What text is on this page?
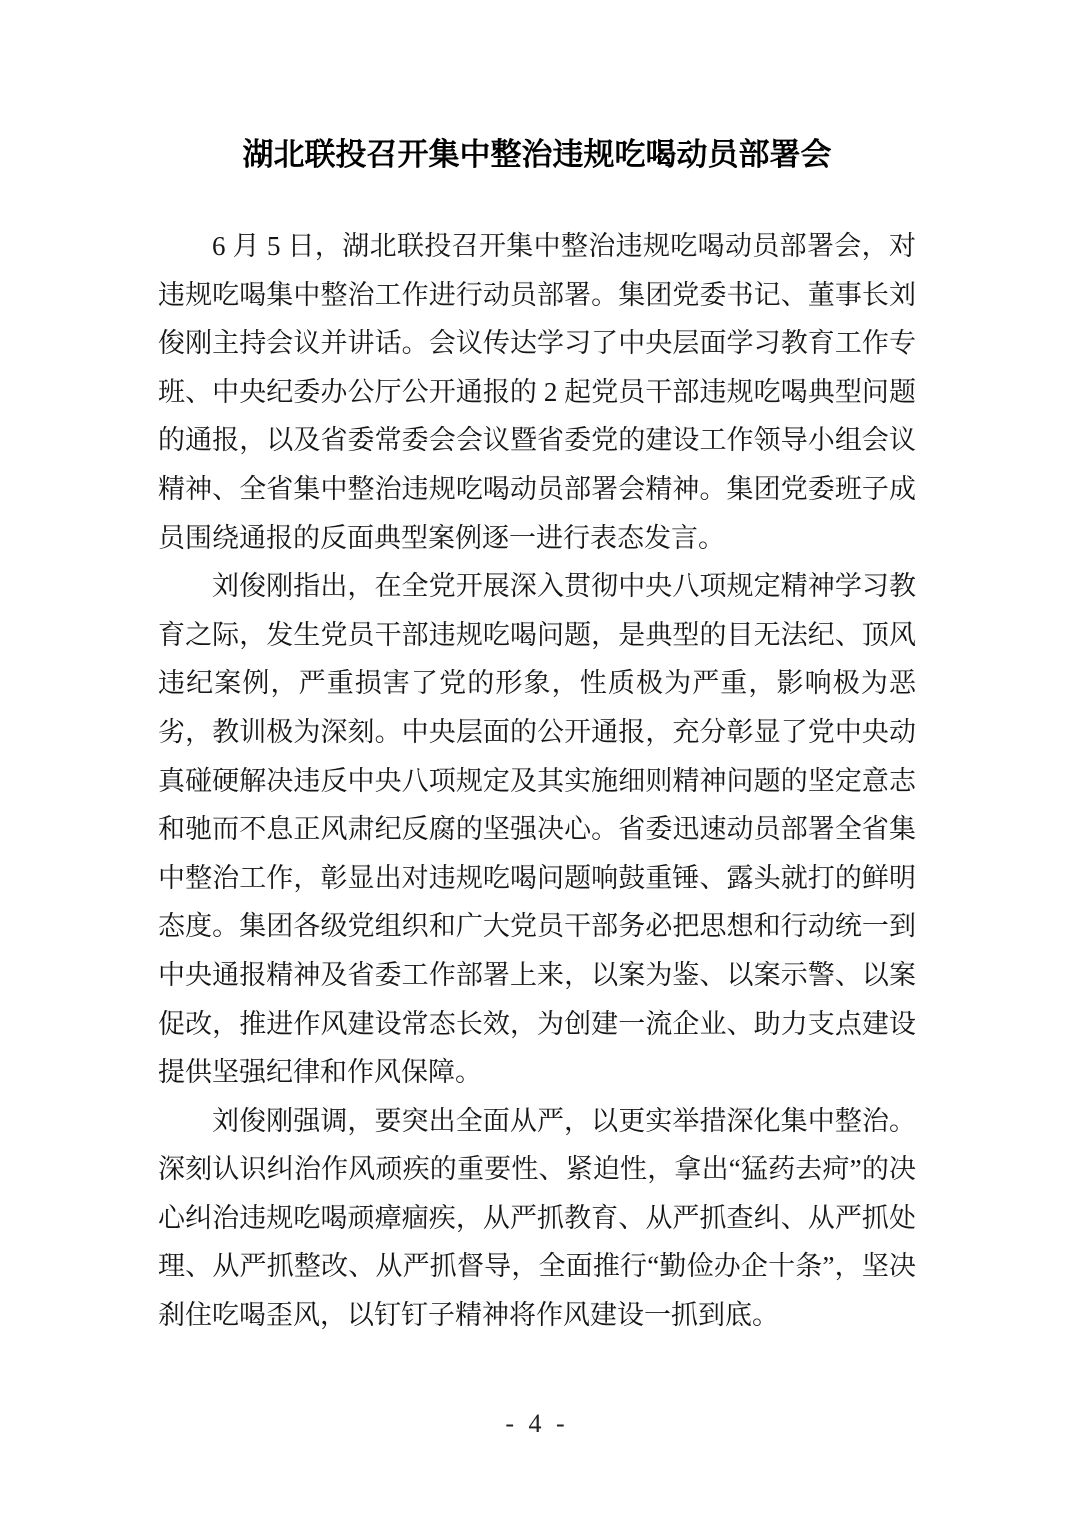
湖北联投召开集中整治违规吃喝动员部署会

6 月 5 日，湖北联投召开集中整治违规吃喝动员部署会，对违规吃喝集中整治工作进行动员部署。集团党委书记、董事长刘俊刚主持会议并讲话。会议传达学习了中央层面学习教育工作专班、中央纪委办公厅公开通报的 2 起党员干部违规吃喝典型问题的通报，以及省委常委会会议暨省委党的建设工作领导小组会议精神、全省集中整治违规吃喝动员部署会精神。集团党委班子成员围绕通报的反面典型案例逐一进行表态发言。

刘俊刚指出，在全党开展深入贯彻中央八项规定精神学习教育之际，发生党员干部违规吃喝问题，是典型的目无法纪、顶风违纪案例，严重损害了党的形象，性质极为严重，影响极为恶劣，教训极为深刻。中央层面的公开通报，充分彰显了党中央动真碰硬解决违反中央八项规定及其实施细则精神问题的坚定意志和驰而不息正风肃纪反腐的坚强决心。省委迅速动员部署全省集中整治工作，彰显出对违规吃喝问题响鼓重锤、露头就打的鲜明态度。集团各级党组织和广大党员干部务必把思想和行动统一到中央通报精神及省委工作部署上来，以案为鉴、以案示警、以案促改，推进作风建设常态长效，为创建一流企业、助力支点建设提供坚强纪律和作风保障。

刘俊刚强调，要突出全面从严，以更实举措深化集中整治。深刻认识纠治作风顽疾的重要性、紧迫性，拿出“猛药去疴”的决心纠治违规吃喝顽瘴痼疾，从严抓教育、从严抓查纠、从严抓处理、从严抓整改、从严抓督导，全面推行“勤俭办企十条”，坚决刹住吃喝歪风，以钉钉子精神将作风建设一抓到底。

- 4 -
